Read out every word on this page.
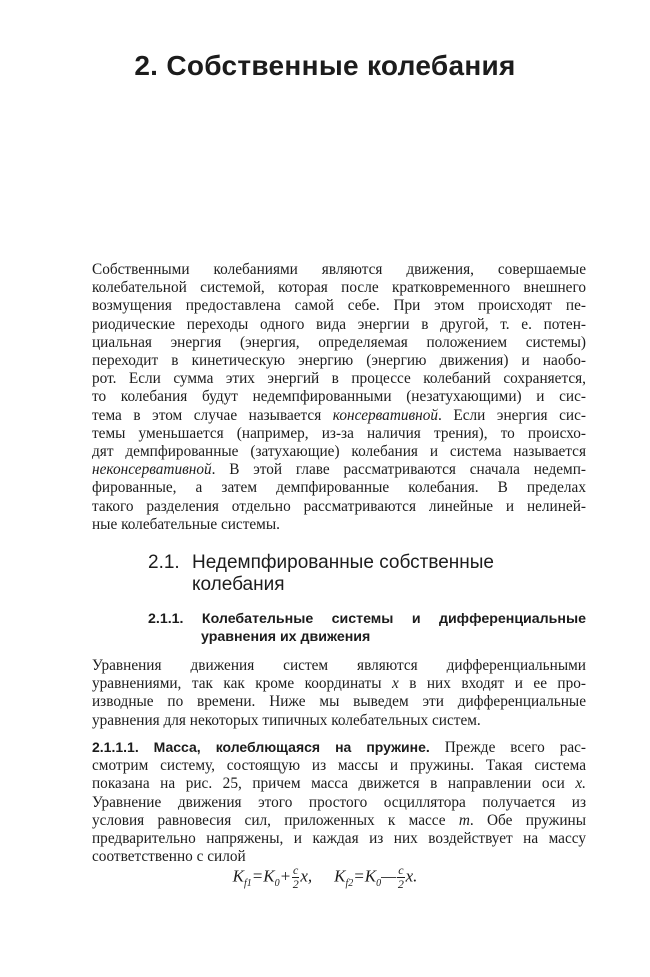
2. Собственные колебания
Собственными колебаниями являются движения, совершаемые
колебательной системой, которая после кратковременного внешнего
возмущения предоставлена самой себе. При этом происходят пе-
риодические переходы одного вида энергии в другой, т. е. потен-
циальная энергия (энергия, определяемая положением системы)
переходит в кинетическую энергию (энергию движения) и наобо-
рот. Если сумма этих энергий в процессе колебаний сохраняется,
то колебания будут недемпфированными (незатухающими) и сис-
тема в этом случае называется консервативной. Если энергия сис-
темы уменьшается (например, из-за наличия трения), то происхо-
дят демпфированные (затухающие) колебания и система называется
неконсервативной. В этой главе рассматриваются сначала недемп-
фированные, а затем демпфированные колебания. В пределах
такого разделения отдельно рассматриваются линейные и нелиней-
ные колебательные системы.
2.1. Недемпфированные собственные
колебания
2.1.1. Колебательные системы и дифференциальные
уравнения их движения
Уравнения движения систем являются дифференциальными
уравнениями, так как кроме координаты x в них входят и ее про-
изводные по времени. Ниже мы выведем эти дифференциальные
уравнения для некоторых типичных колебательных систем.
2.1.1.1. Масса, колеблющаяся на пружине. Прежде всего рас-
смотрим систему, состоящую из массы и пружины. Такая система
показана на рис. 25, причем масса движется в направлении оси x.
Уравнение движения этого простого осциллятора получается из
условия равновесия сил, приложенных к массе m. Обе пружины
предварительно напряжены, и каждая из них воздействует на массу
соответственно с силой
$K_{f1}=K_0+ \frac{c}{2} x$, $K_{f2}=K_0— \frac{c}{2} x$.
